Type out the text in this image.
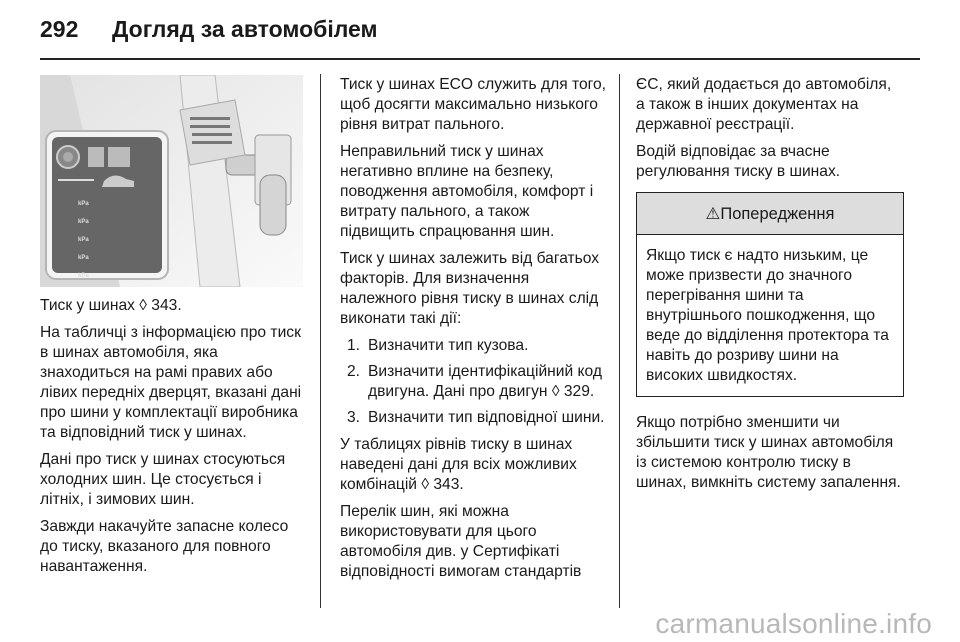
292 Догляд за автомобілем
kPa
kPa
kPa
kPa
kPa

Тиск у шинах ◊ 343.

На табличці з інформацією про тиск в шинах автомобіля, яка знаходиться на рамі правих або лівих передніх дверцят, вказані дані про шини у комплектації виробника та відповідний тиск у шинах.

Дані про тиск у шинах стосуються холодних шин. Це стосується і літніх, і зимових шин.

Завжди накачуйте запасне колесо до тиску, вказаного для повного навантаження.

Тиск у шинах ECO служить для того, щоб досягти максимально низького рівня витрат пального.

Неправильний тиск у шинах негативно вплине на безпеку, поводження автомобіля, комфорт і витрату пального, а також підвищить спрацювання шин.

Тиск у шинах залежить від багатьох факторів. Для визначення належного рівня тиску в шинах слід виконати такі дії:

1. Визначити тип кузова.
2. Визначити ідентифікаційний код двигуна. Дані про двигун ◊ 329.
3. Визначити тип відповідної шини.

У таблицях рівнів тиску в шинах наведені дані для всіх можливих комбінацій ◊ 343.

Перелік шин, які можна використовувати для цього автомобіля див. у Сертифікаті відповідності вимогам стандартів

ЄС, який додається до автомобіля, а також в інших документах на державної реєстрації.

Водій відповідає за вчасне регулювання тиску в шинах.

⚠Попередження
Якщо тиск є надто низьким, це може призвести до значного перегрівання шини та внутрішнього пошкодження, що веде до відділення протектора та навіть до розриву шини на високих швидкостях.

Якщо потрібно зменшити чи збільшити тиск у шинах автомобіля із системою контролю тиску в шинах, вимкніть систему запалення.

carmanualsonline.info
